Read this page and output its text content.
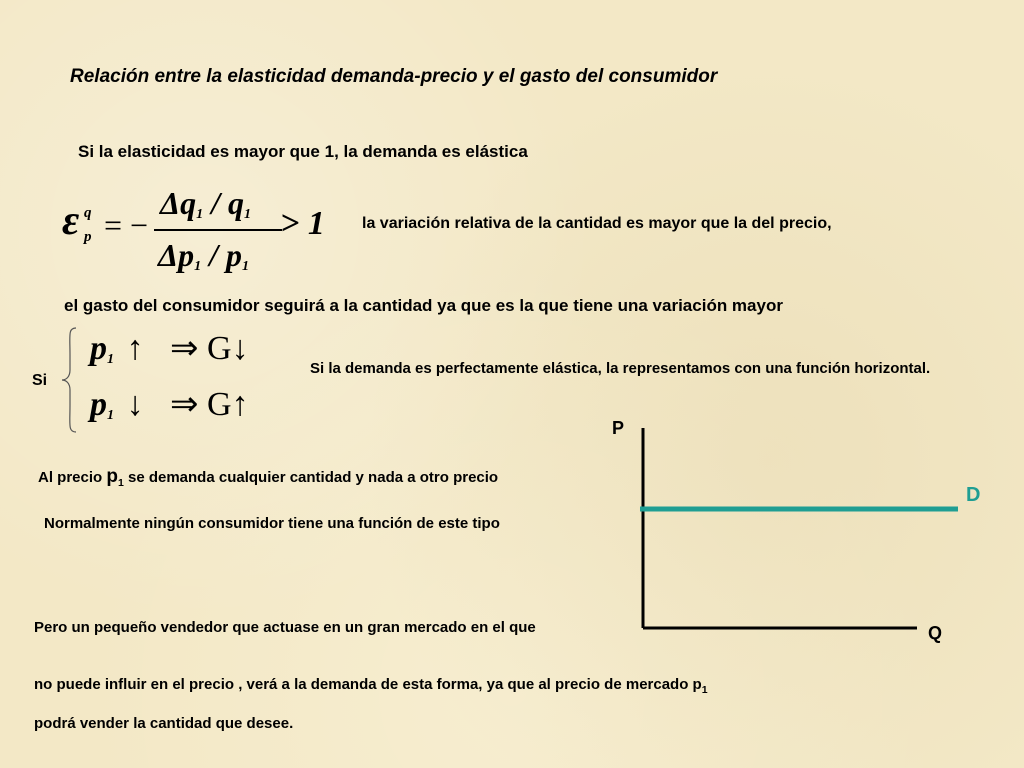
Relación entre la elasticidad demanda-precio y el gasto del consumidor
Si la elasticidad es mayor que 1, la demanda es elástica
ε q
p = −
$\Delta q_1 / q_1$
$\Delta p_1 / p_1$
> 1 la variación relativa de la cantidad es mayor que la del precio,
el gasto del consumidor seguirá a la cantidad ya que es la que tiene una variación mayor
Si
$p_1$ ↑ ⇒ G↓
$p_1$ ↓ ⇒ G↑
Si la demanda es perfectamente elástica, la representamos con una función horizontal.
Al precio $p_1$ se demanda cualquier cantidad y nada a otro precio
Normalmente ningún consumidor tiene una función de este tipo
P
Q
D
Pero un pequeño vendedor que actuase en un gran mercado en el que
no puede influir en el precio , verá a la demanda de esta forma, ya que al precio de mercado $p_1$
podrá vender la cantidad que desee.
